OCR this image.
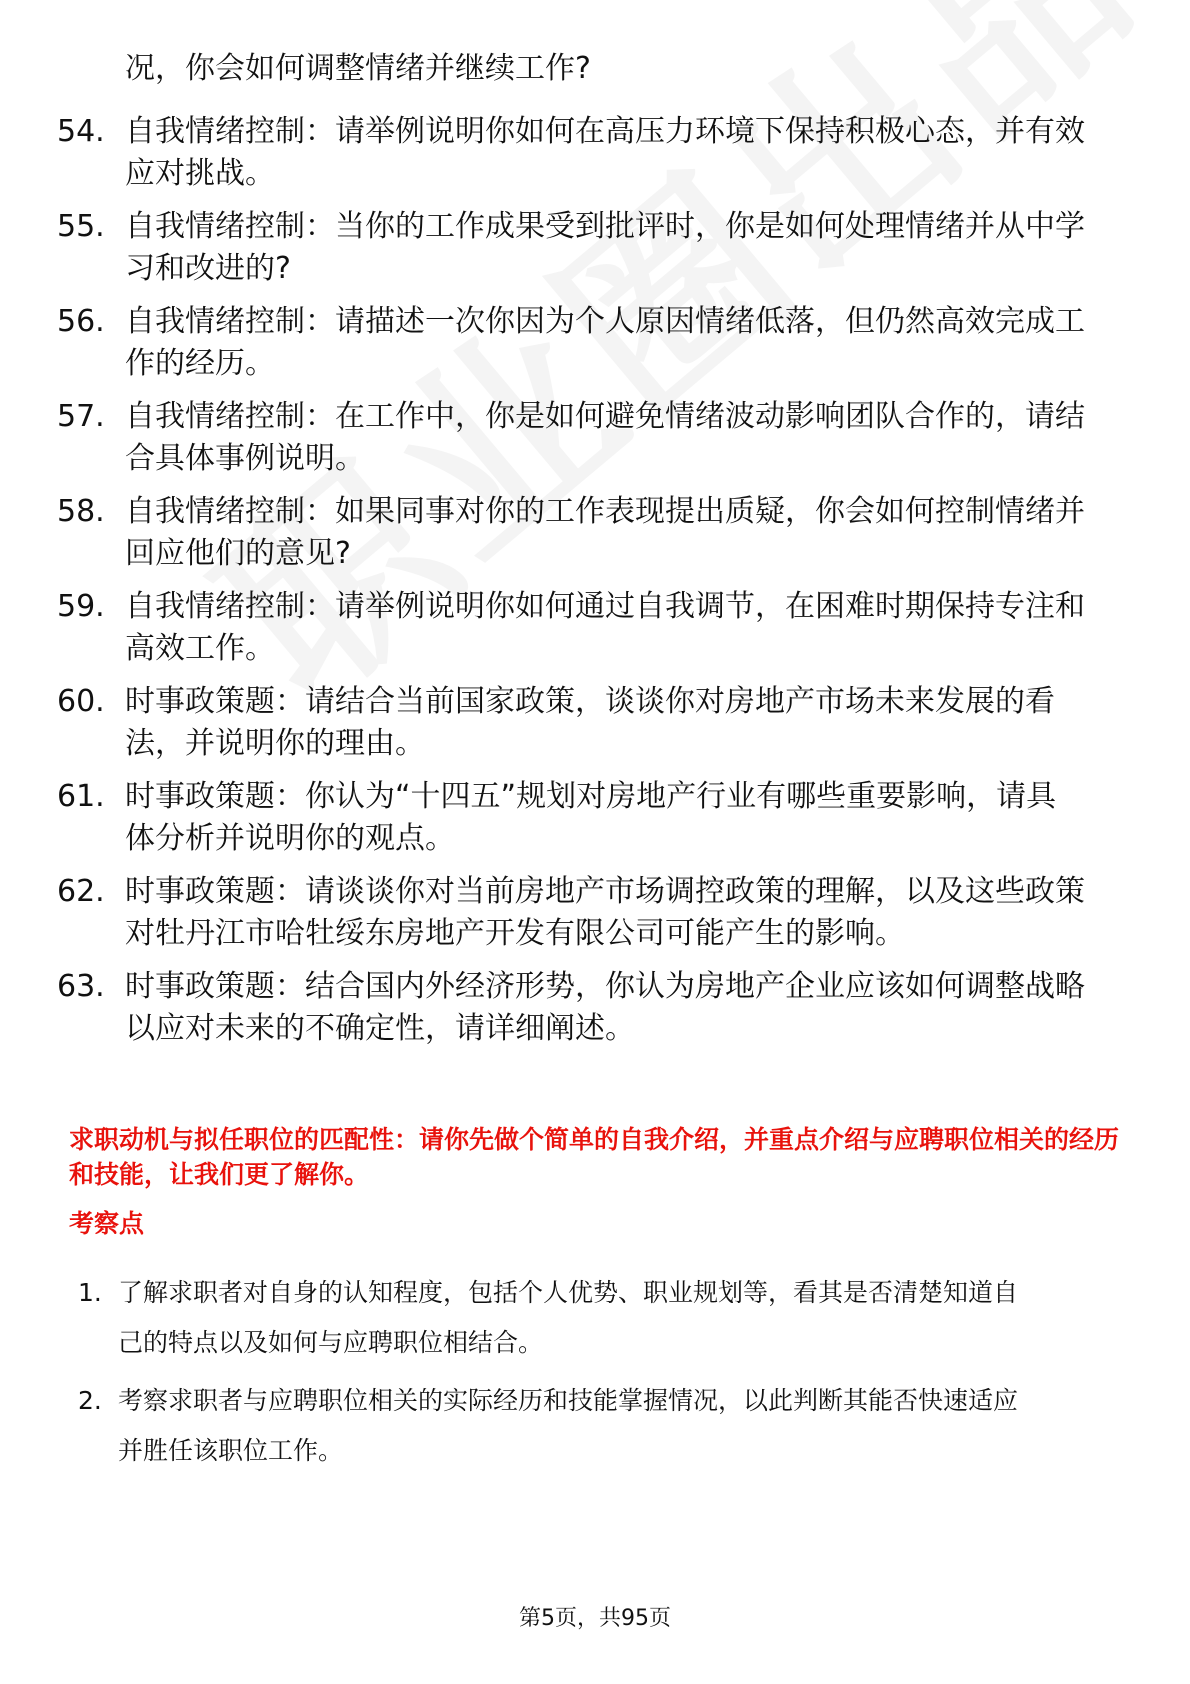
况，你会如何调整情绪并继续工作?
54. 自我情绪控制：请举例说明你如何在高压力环境下保持积极心态，并有效应对挑战。
55. 自我情绪控制：当你的工作成果受到批评时，你是如何处理情绪并从中学习和改进的?
56. 自我情绪控制：请描述一次你因为个人原因情绪低落，但仍然高效完成工作的经历。
57. 自我情绪控制：在工作中，你是如何避免情绪波动影响团队合作的，请结合具体事例说明。
58. 自我情绪控制：如果同事对你的工作表现提出质疑，你会如何控制情绪并回应他们的意见?
59. 自我情绪控制：请举例说明你如何通过自我调节，在困难时期保持专注和高效工作。
60. 时事政策题：请结合当前国家政策，谈谈你对房地产市场未来发展的看法，并说明你的理由。
61. 时事政策题：你认为“十四五”规划对房地产行业有哪些重要影响，请具体分析并说明你的观点。
62. 时事政策题：请谈谈你对当前房地产市场调控政策的理解，以及这些政策对牡丹江市哈牡绥东房地产开发有限公司可能产生的影响。
63. 时事政策题：结合国内外经济形势，你认为房地产企业应该如何调整战略以应对未来的不确定性，请详细阐述。
求职动机与拟任职位的匹配性：请你先做个简单的自我介绍，并重点介绍与应聘职位相关的经历和技能，让我们更了解你。
考察点
1. 了解求职者对自身的认知程度，包括个人优势、职业规划等，看其是否清楚知道自己的特点以及如何与应聘职位相结合。
2. 考察求职者与应聘职位相关的实际经历和技能掌握情况，以此判断其能否快速适应并胜任该职位工作。
第5页，共95页
